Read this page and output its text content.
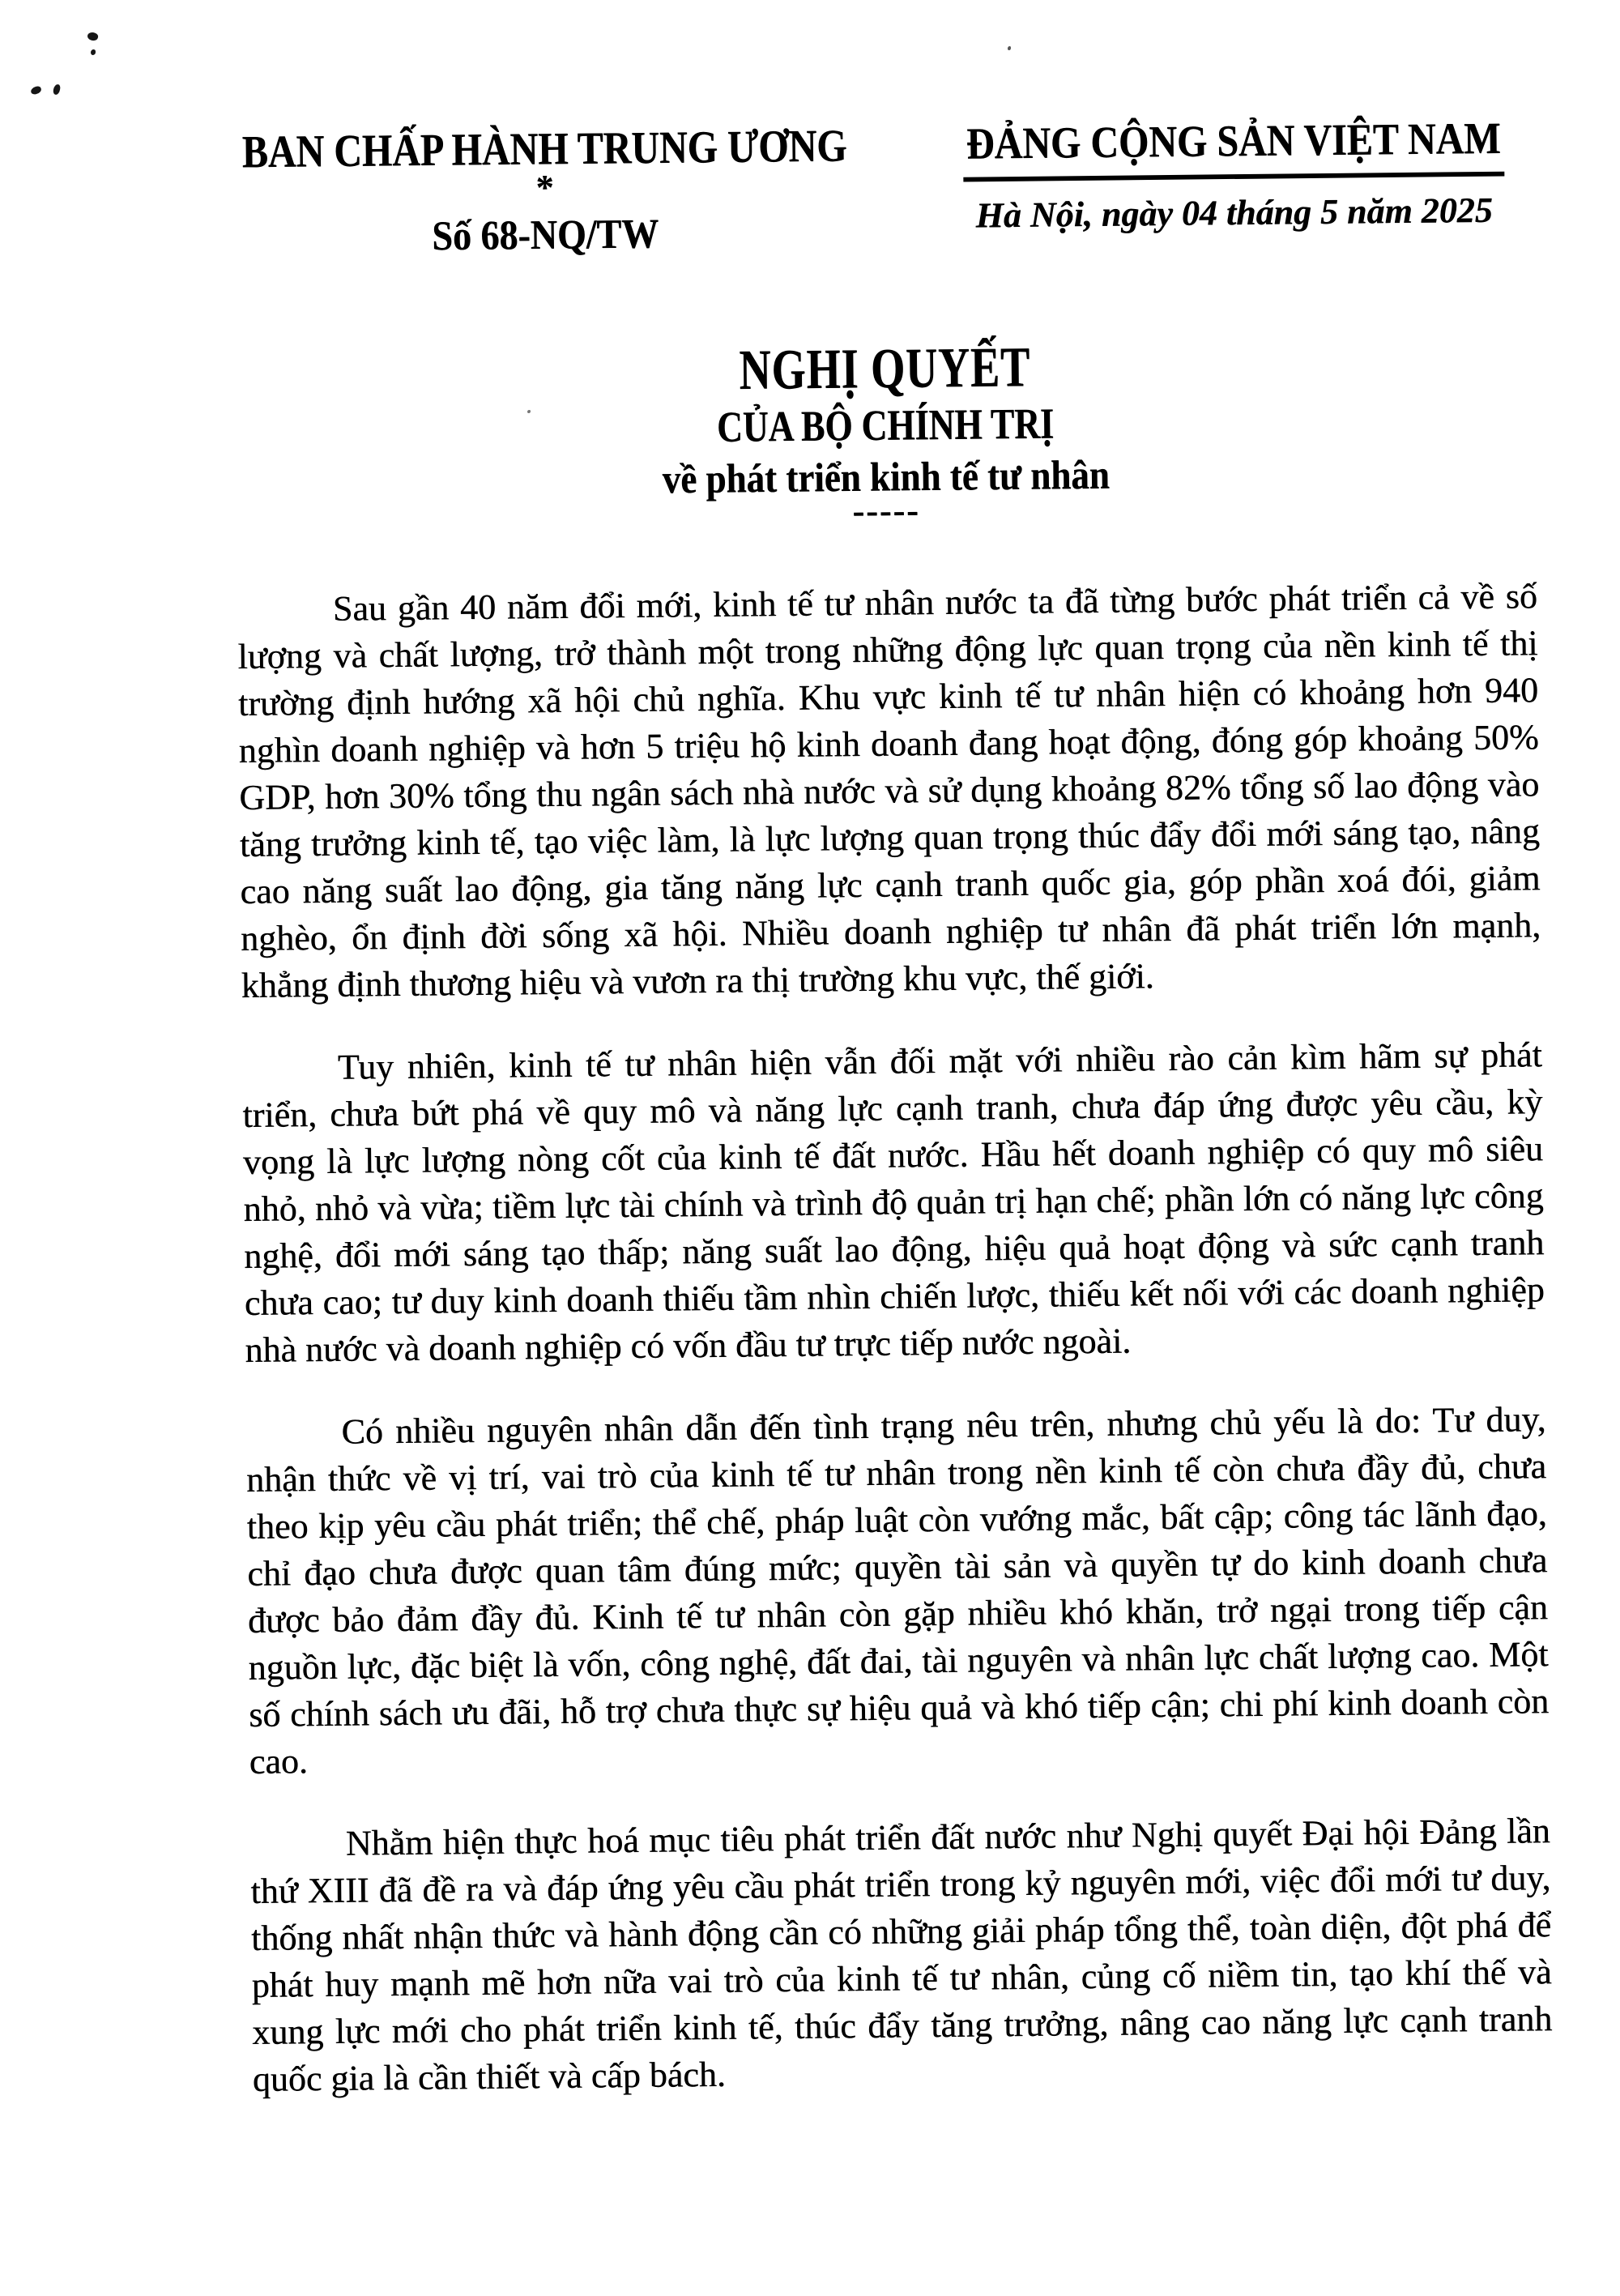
BAN CHẤP HÀNH TRUNG ƯƠNG
*
Số 68-NQ/TW
ĐẢNG CỘNG SẢN VIỆT NAM
Hà Nội, ngày 04 tháng 5 năm 2025
NGHỊ QUYẾT
CỦA BỘ CHÍNH TRỊ
về phát triển kinh tế tư nhân
-----

Sau gần 40 năm đổi mới, kinh tế tư nhân nước ta đã từng bước phát triển cả về số lượng và chất lượng, trở thành một trong những động lực quan trọng của nền kinh tế thị trường định hướng xã hội chủ nghĩa. Khu vực kinh tế tư nhân hiện có khoảng hơn 940 nghìn doanh nghiệp và hơn 5 triệu hộ kinh doanh đang hoạt động, đóng góp khoảng 50% GDP, hơn 30% tổng thu ngân sách nhà nước và sử dụng khoảng 82% tổng số lao động vào tăng trưởng kinh tế, tạo việc làm, là lực lượng quan trọng thúc đẩy đổi mới sáng tạo, nâng cao năng suất lao động, gia tăng năng lực cạnh tranh quốc gia, góp phần xoá đói, giảm nghèo, ổn định đời sống xã hội. Nhiều doanh nghiệp tư nhân đã phát triển lớn mạnh, khẳng định thương hiệu và vươn ra thị trường khu vực, thế giới.

Tuy nhiên, kinh tế tư nhân hiện vẫn đối mặt với nhiều rào cản kìm hãm sự phát triển, chưa bứt phá về quy mô và năng lực cạnh tranh, chưa đáp ứng được yêu cầu, kỳ vọng là lực lượng nòng cốt của kinh tế đất nước. Hầu hết doanh nghiệp có quy mô siêu nhỏ, nhỏ và vừa; tiềm lực tài chính và trình độ quản trị hạn chế; phần lớn có năng lực công nghệ, đổi mới sáng tạo thấp; năng suất lao động, hiệu quả hoạt động và sức cạnh tranh chưa cao; tư duy kinh doanh thiếu tầm nhìn chiến lược, thiếu kết nối với các doanh nghiệp nhà nước và doanh nghiệp có vốn đầu tư trực tiếp nước ngoài.

Có nhiều nguyên nhân dẫn đến tình trạng nêu trên, nhưng chủ yếu là do: Tư duy, nhận thức về vị trí, vai trò của kinh tế tư nhân trong nền kinh tế còn chưa đầy đủ, chưa theo kịp yêu cầu phát triển; thể chế, pháp luật còn vướng mắc, bất cập; công tác lãnh đạo, chỉ đạo chưa được quan tâm đúng mức; quyền tài sản và quyền tự do kinh doanh chưa được bảo đảm đầy đủ. Kinh tế tư nhân còn gặp nhiều khó khăn, trở ngại trong tiếp cận nguồn lực, đặc biệt là vốn, công nghệ, đất đai, tài nguyên và nhân lực chất lượng cao. Một số chính sách ưu đãi, hỗ trợ chưa thực sự hiệu quả và khó tiếp cận; chi phí kinh doanh còn cao.

Nhằm hiện thực hoá mục tiêu phát triển đất nước như Nghị quyết Đại hội Đảng lần thứ XIII đã đề ra và đáp ứng yêu cầu phát triển trong kỷ nguyên mới, việc đổi mới tư duy, thống nhất nhận thức và hành động cần có những giải pháp tổng thể, toàn diện, đột phá để phát huy mạnh mẽ hơn nữa vai trò của kinh tế tư nhân, củng cố niềm tin, tạo khí thế và xung lực mới cho phát triển kinh tế, thúc đẩy tăng trưởng, nâng cao năng lực cạnh tranh quốc gia là cần thiết và cấp bách.
